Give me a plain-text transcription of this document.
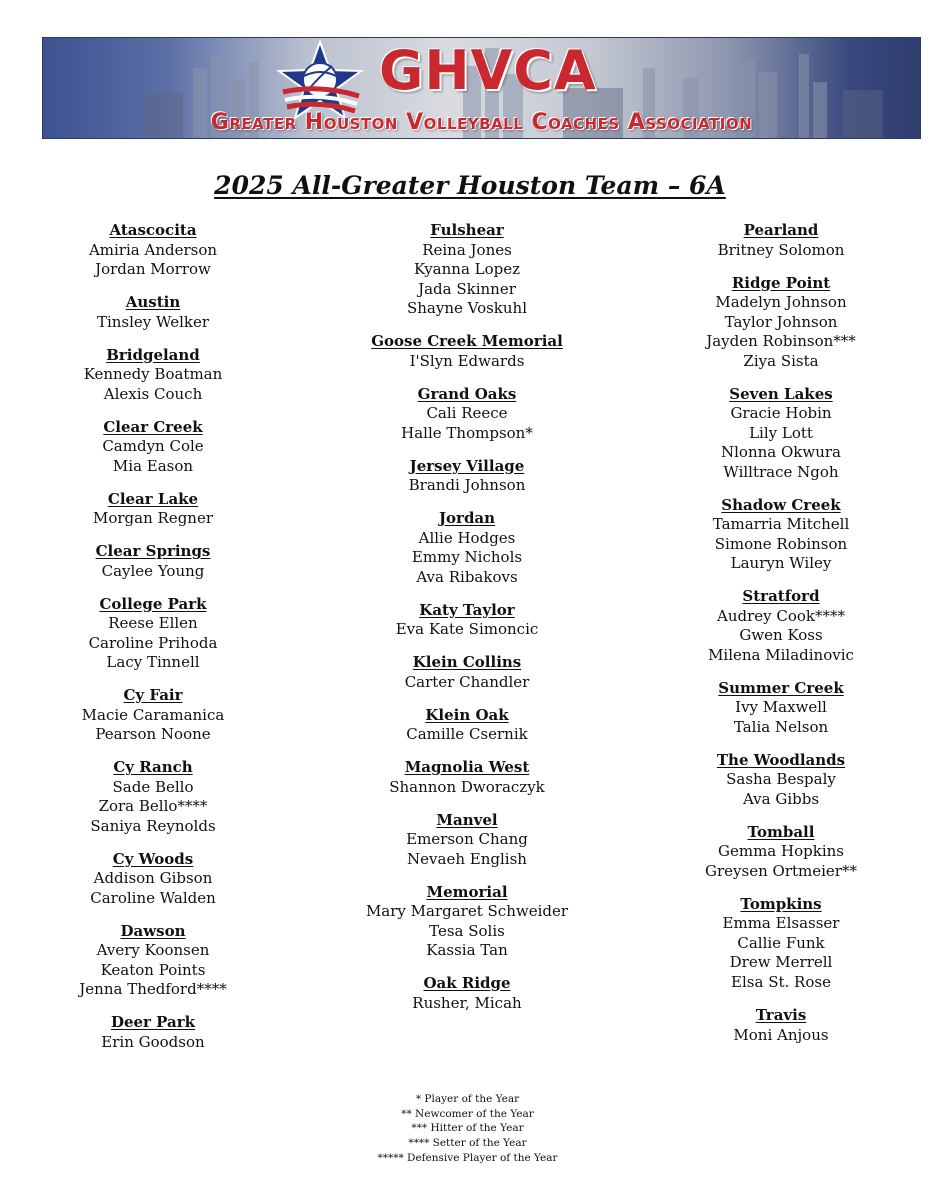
GHVCA
Greater Houston Volleyball Coaches Association
2025 All-Greater Houston Team – 6A
Atascocita
Amiria Anderson
Jordan Morrow
Austin
Tinsley Welker
Bridgeland
Kennedy Boatman
Alexis Couch
Clear Creek
Camdyn Cole
Mia Eason
Clear Lake
Morgan Regner
Clear Springs
Caylee Young
College Park
Reese Ellen
Caroline Prihoda
Lacy Tinnell
Cy Fair
Macie Caramanica
Pearson Noone
Cy Ranch
Sade Bello
Zora Bello****
Saniya Reynolds
Cy Woods
Addison Gibson
Caroline Walden
Dawson
Avery Koonsen
Keaton Points
Jenna Thedford****
Deer Park
Erin Goodson
Fulshear
Reina Jones
Kyanna Lopez
Jada Skinner
Shayne Voskuhl
Goose Creek Memorial
I'Slyn Edwards
Grand Oaks
Cali Reece
Halle Thompson*
Jersey Village
Brandi Johnson
Jordan
Allie Hodges
Emmy Nichols
Ava Ribakovs
Katy Taylor
Eva Kate Simoncic
Klein Collins
Carter Chandler
Klein Oak
Camille Csernik
Magnolia West
Shannon Dworaczyk
Manvel
Emerson Chang
Nevaeh English
Memorial
Mary Margaret Schweider
Tesa Solis
Kassia Tan
Oak Ridge
Rusher, Micah
Pearland
Britney Solomon
Ridge Point
Madelyn Johnson
Taylor Johnson
Jayden Robinson***
Ziya Sista
Seven Lakes
Gracie Hobin
Lily Lott
Nlonna Okwura
Willtrace Ngoh
Shadow Creek
Tamarria Mitchell
Simone Robinson
Lauryn Wiley
Stratford
Audrey Cook****
Gwen Koss
Milena Miladinovic
Summer Creek
Ivy Maxwell
Talia Nelson
The Woodlands
Sasha Bespaly
Ava Gibbs
Tomball
Gemma Hopkins
Greysen Ortmeier**
Tompkins
Emma Elsasser
Callie Funk
Drew Merrell
Elsa St. Rose
Travis
Moni Anjous
* Player of the Year
** Newcomer of the Year
*** Hitter of the Year
**** Setter of the Year
***** Defensive Player of the Year
